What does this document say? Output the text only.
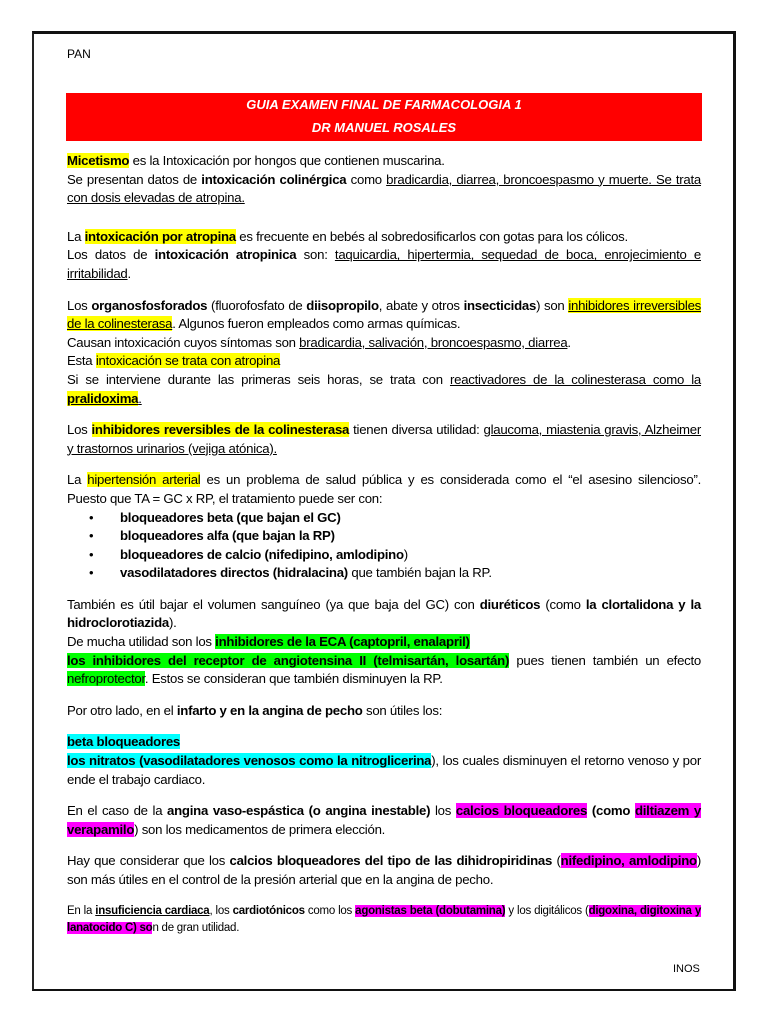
PAN
GUIA EXAMEN FINAL DE FARMACOLOGIA 1
DR MANUEL ROSALES

Micetismo es la Intoxicación por hongos que contienen muscarina.
Se presentan datos de intoxicación colinérgica como bradicardia, diarrea, broncoespasmo y muerte. Se trata con dosis elevadas de atropina.

La intoxicación por atropina es frecuente en bebés al sobredosificarlos con gotas para los cólicos.
Los datos de intoxicación atropinica son: taquicardia, hipertermia, sequedad de boca, enrojecimiento e irritabilidad.

Los organosfosforados (fluorofosfato de diisopropilo, abate y otros insecticidas) son inhibidores irreversibles de la colinesterasa. Algunos fueron empleados como armas químicas.
Causan intoxicación cuyos síntomas son bradicardia, salivación, broncoespasmo, diarrea.
Esta intoxicación se trata con atropina
Si se interviene durante las primeras seis horas, se trata con reactivadores de la colinesterasa como la pralidoxima.

Los inhibidores reversibles de la colinesterasa tienen diversa utilidad: glaucoma, miastenia gravis, Alzheimer y trastornos urinarios (vejiga atónica).

La hipertensión arterial es un problema de salud pública y es considerada como el “el asesino silencioso”. Puesto que TA = GC x RP, el tratamiento puede ser con:

• bloqueadores beta (que bajan el GC)
• bloqueadores alfa (que bajan la RP)
• bloqueadores de calcio (nifedipino, amlodipino)
• vasodilatadores directos (hidralacina) que también bajan la RP.

También es útil bajar el volumen sanguíneo (ya que baja del GC) con diuréticos (como la clortalidona y la hidroclorotiazida).
De mucha utilidad son los inhibidores de la ECA (captopril, enalapril)
los inhibidores del receptor de angiotensina II (telmisartán, losartán) pues tienen también un efecto nefroprotector. Estos se consideran que también disminuyen la RP.

Por otro lado, en el infarto y en la angina de pecho son útiles los:

beta bloqueadores
los nitratos (vasodilatadores venosos como la nitroglicerina), los cuales disminuyen el retorno venoso y por ende el trabajo cardiaco.

En el caso de la angina vaso-espástica (o angina inestable) los calcios bloqueadores (como diltiazem y verapamilo) son los medicamentos de primera elección.

Hay que considerar que los calcios bloqueadores del tipo de las dihidropiridinas (nifedipino, amlodipino) son más útiles en el control de la presión arterial que en la angina de pecho.

En la insuficiencia cardiaca, los cardiotónicos como los agonistas beta (dobutamina) y los digitálicos (digoxina, digitoxina y lanatocido C) son de gran utilidad.

INOS
